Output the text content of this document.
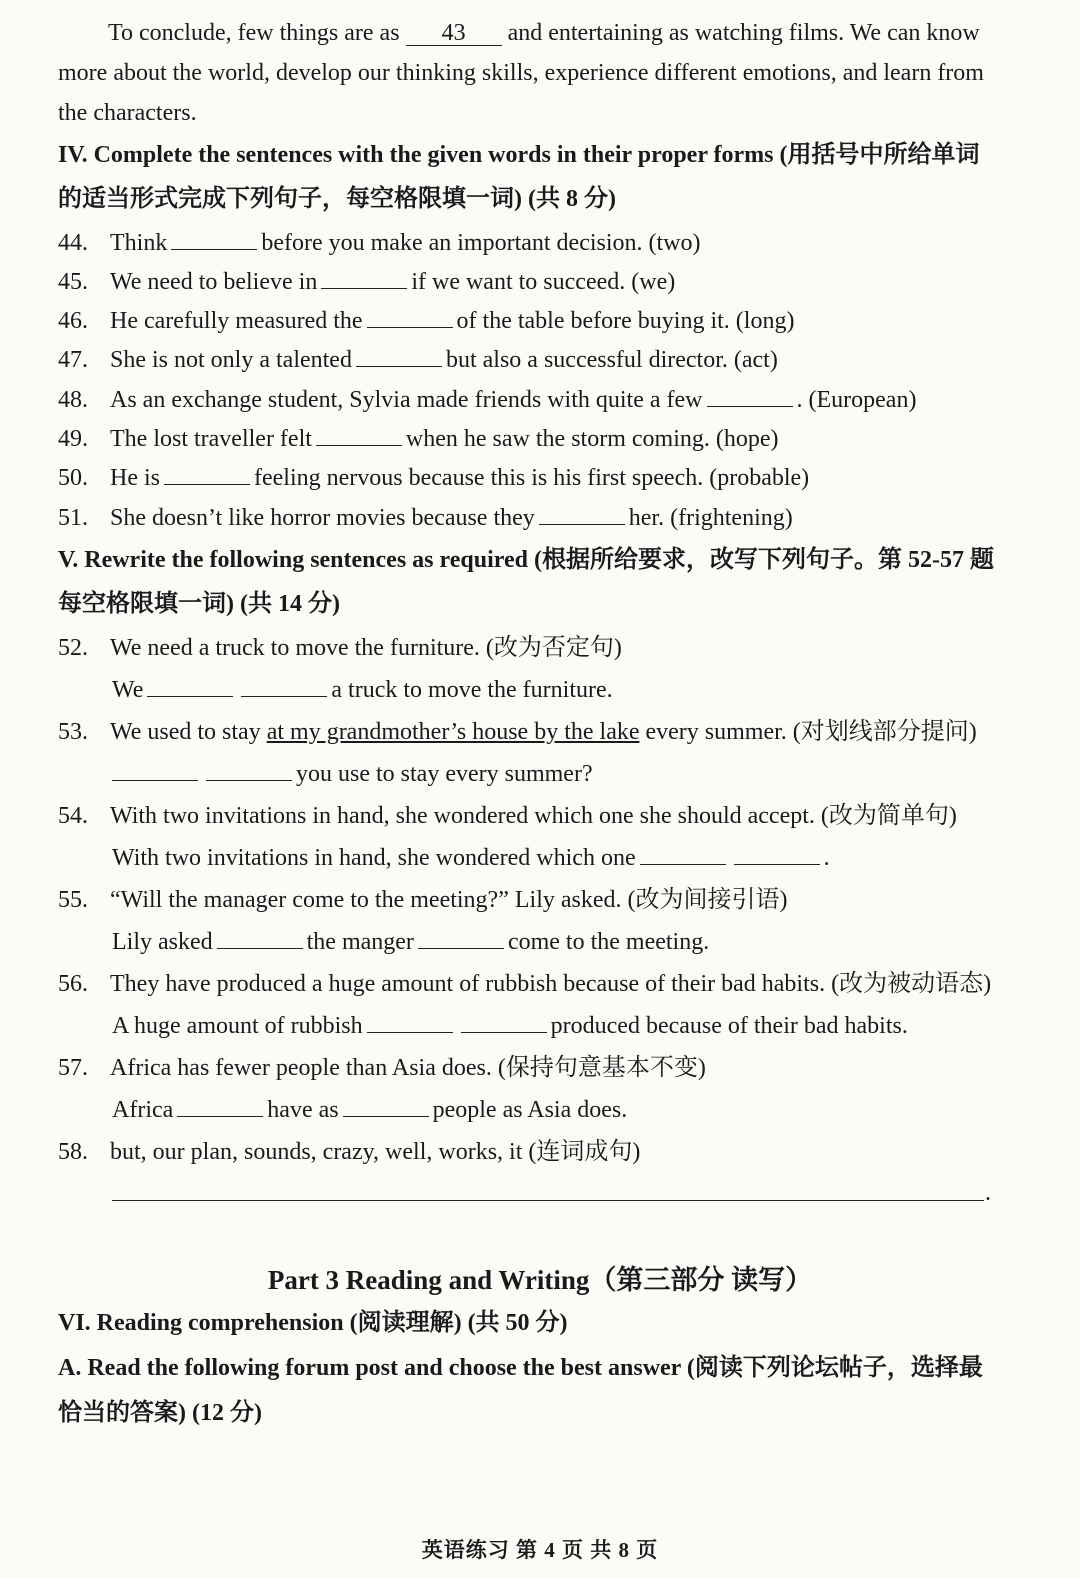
To conclude, few things are as 43 and entertaining as watching films. We can know
more about the world, develop our thinking skills, experience different emotions, and learn from
the characters.
IV. Complete the sentences with the given words in their proper forms (用括号中所给单词
的适当形式完成下列句子，每空格限填一词) (共 8 分)
44. Think	before you make an important decision. (two)
45. We need to believe in	if we want to succeed. (we)
46. He carefully measured the	of the table before buying it. (long)
47. She is not only a talented	but also a successful director. (act)
48. As an exchange student, Sylvia made friends with quite a few	. (European)
49. The lost traveller felt	when he saw the storm coming. (hope)
50. He is	feeling nervous because this is his first speech. (probable)
51. She doesn’t like horror movies because they	her. (frightening)
V. Rewrite the following sentences as required (根据所给要求，改写下列句子。第 52-57 题
每空格限填一词) (共 14 分)
52. We need a truck to move the furniture. (改为否定句)
We	a truck to move the furniture.
53. We used to stay at my grandmother’s house by the lake every summer. (对划线部分提问)
you use to stay every summer?
54. With two invitations in hand, she wondered which one she should accept. (改为简单句)
With two invitations in hand, she wondered which one	.
55. “Will the manager come to the meeting?” Lily asked. (改为间接引语)
Lily asked	the manger	come to the meeting.
56. They have produced a huge amount of rubbish because of their bad habits. (改为被动语态)
A huge amount of rubbish	produced because of their bad habits.
57. Africa has fewer people than Asia does. (保持句意基本不变)
Africa	have as	people as Asia does.
58. but, our plan, sounds, crazy, well, works, it (连词成句)
.
Part 3 Reading and Writing（第三部分 读写）
VI. Reading comprehension (阅读理解) (共 50 分)
A. Read the following forum post and choose the best answer (阅读下列论坛帖子，选择最
恰当的答案) (12 分)
英语练习 第 4 页 共 8 页
